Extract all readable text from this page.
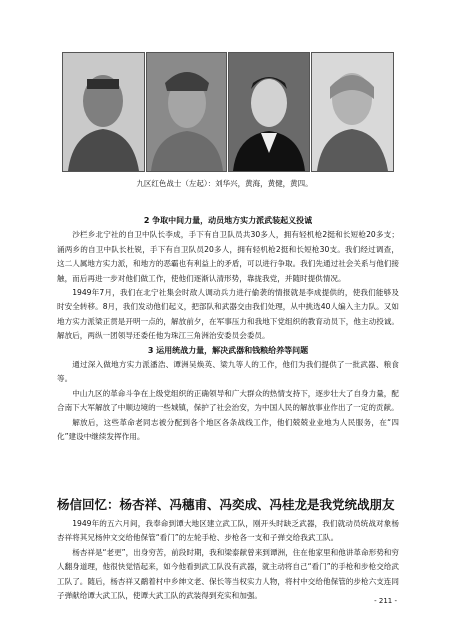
九区红色战士（左起）：刘华兴，黄海，黄健，黄四。
2 争取中间力量，动员地方实力派武装起义投诚

沙栏乡北宁社的自卫中队长李成，手下有自卫队员共30多人，拥有轻机枪2挺和长短枪20多支；涌两乡的自卫中队长杜锐，手下有自卫队员20多人，拥有轻机枪2挺和长短枪30支。我们经过调查，这二人属地方实力派，和地方的恶霸也有利益上的矛盾，可以进行争取。我们先通过社会关系与他们接触，而后再进一步对他们做工作，使他们逐渐认清形势，靠拢我党，并随时提供情况。

1949年7月，我们在北宁社集会时敌人调动兵力进行偷袭的情报就是李成提供的，使我们能够及时安全转移。8月，我们发动他们起义，把部队和武器交由我们处理，从中挑选40人编入主力队。又如地方实力派梁正贯是开明一点的，解放前夕，在军事压力和我地下党组织的教育动员下，他主动投诚。解放后，两纵一团领导还委任他为珠江三角洲治安委员会委员。

3 运用统战力量，解决武器和钱粮给养等问题

通过深入做地方实力派潘浩、谭洲吴焕英、梁九等人的工作，他们为我们提供了一批武器、粮食等。

中山九区的革命斗争在上级党组织的正确领导和广大群众的热情支持下，逐步壮大了自身力量，配合南下大军解放了中顺边境的一些城镇，保护了社会治安，为中国人民的解放事业作出了一定的贡献。

解放后，这些革命老同志被分配到各个地区各条战线工作，他们兢兢业业地为人民服务，在“四化”建设中继续发挥作用。

杨信回忆：杨杏祥、冯穗甫、冯奕成、冯桂龙是我党统战朋友

1949年的五六月间，我奉命到谭大地区建立武工队，刚开头时缺乏武器，我们就动员统战对象杨杏祥将其兄杨仲文交给他保管“看门”的左轮手枪、步枪各一支和子弹交给我武工队。

杨杏祥是“老更”，出身穷苦，前段时期，我和梁泰献曾来到谭洲，住在他家里和他讲革命形势和穷人翻身道理，他很快觉悟起来，如今他看到武工队没有武器，就主动将自己“看门”的手枪和步枪交给武工队了。随后，杨杏祥又鹬着村中乡绅文老、保长等当权实力人物，将村中交给他保管的步枪六支连同子弹献给谭大武工队，使谭大武工队的武装得到充实和加强。

- 211 -
